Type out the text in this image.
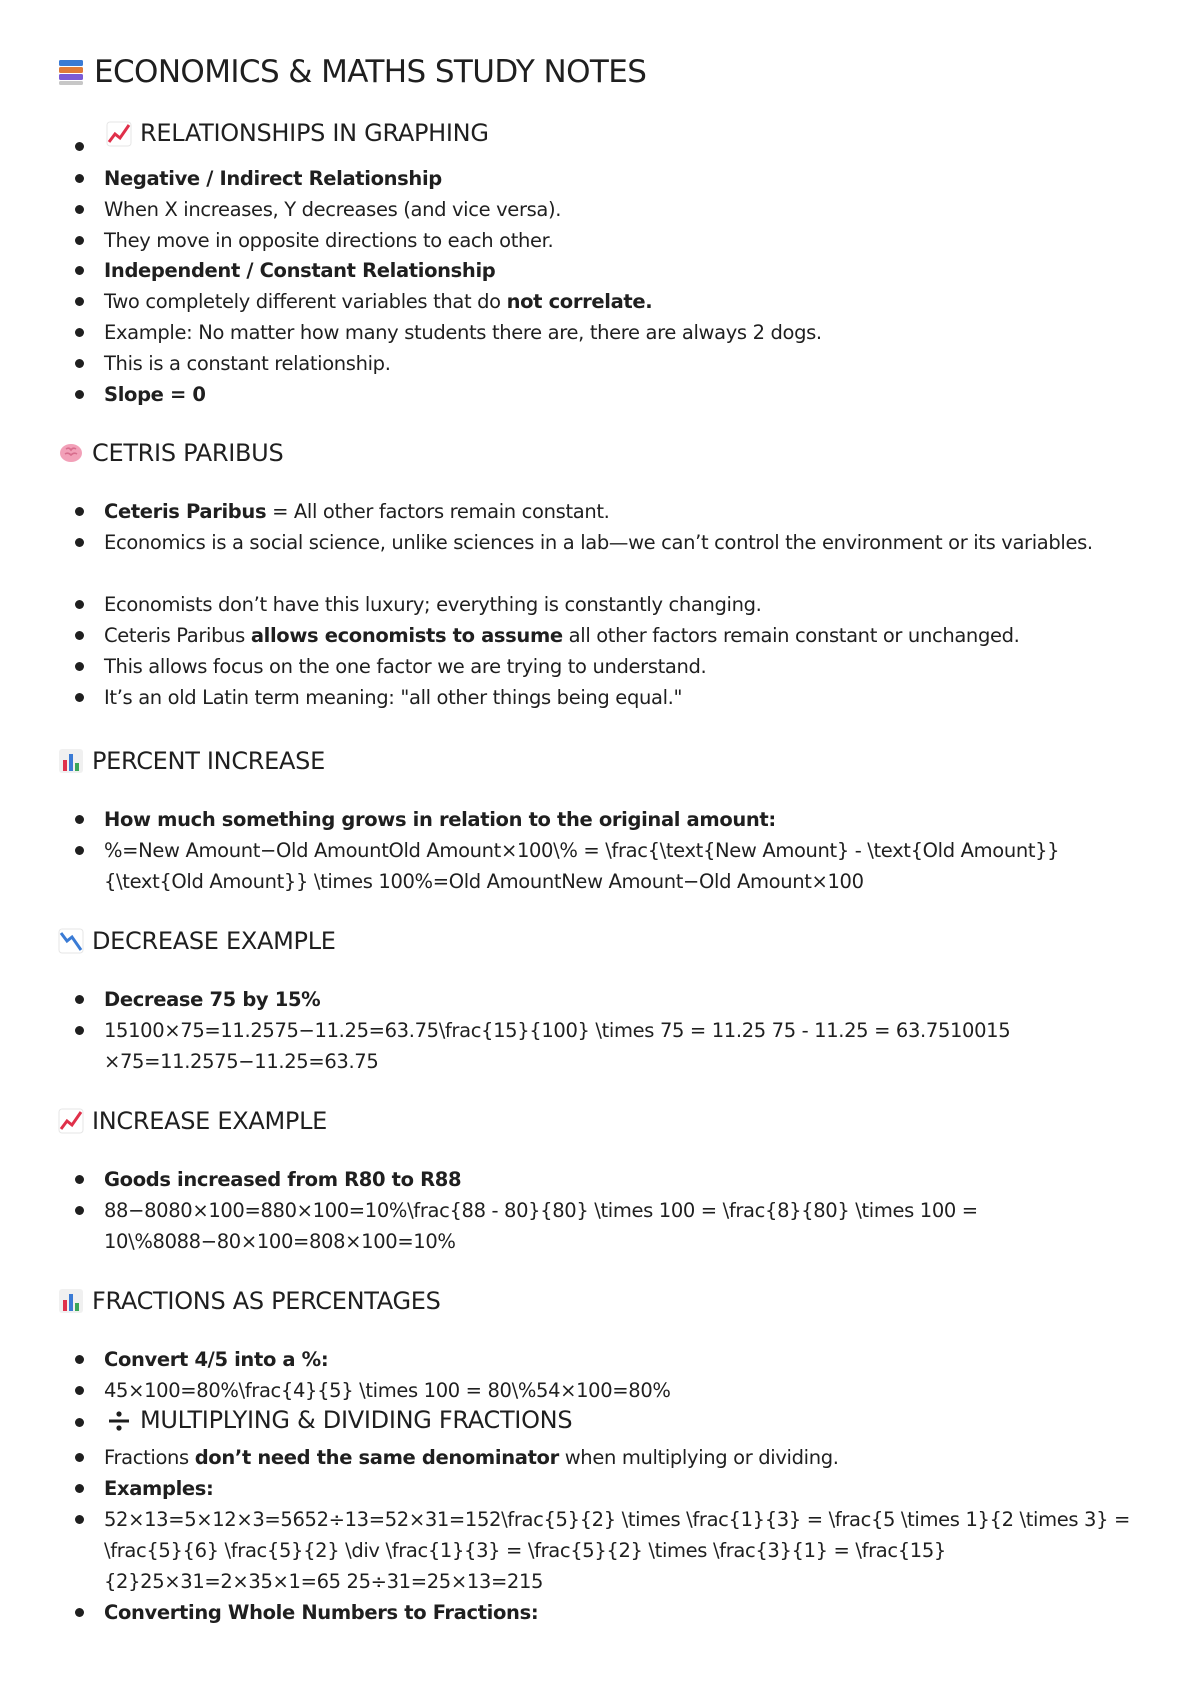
ECONOMICS & MATHS STUDY NOTES
RELATIONSHIPS IN GRAPHING
Negative / Indirect Relationship
When X increases, Y decreases (and vice versa).
They move in opposite directions to each other.
Independent / Constant Relationship
Two completely different variables that do not correlate.
Example: No matter how many students there are, there are always 2 dogs.
This is a constant relationship.
Slope = 0
CETRIS PARIBUS
Ceteris Paribus = All other factors remain constant.
Economics is a social science, unlike sciences in a lab—we can’t control the environment or its variables.
Economists don’t have this luxury; everything is constantly changing.
Ceteris Paribus allows economists to assume all other factors remain constant or unchanged.
This allows focus on the one factor we are trying to understand.
It’s an old Latin term meaning: "all other things being equal."
PERCENT INCREASE
How much something grows in relation to the original amount:
%=New Amount−Old AmountOld Amount×100\% = \frac{\text{New Amount} - \text{Old Amount}}{\text{Old Amount}} \times 100%=Old AmountNew Amount−Old Amount×100
DECREASE EXAMPLE
Decrease 75 by 15%
15100×75=11.2575−11.25=63.75\frac{15}{100} \times 75 = 11.25 75 - 11.25 = 63.7510015 ×75=11.2575−11.25=63.75
INCREASE EXAMPLE
Goods increased from R80 to R88
88−8080×100=880×100=10%\frac{88 - 80}{80} \times 100 = \frac{8}{80} \times 100 = 10\%8088−80×100=808×100=10%
FRACTIONS AS PERCENTAGES
Convert 4/5 into a %:
45×100=80%\frac{4}{5} \times 100 = 80\%54×100=80%
MULTIPLYING & DIVIDING FRACTIONS
Fractions don’t need the same denominator when multiplying or dividing.
Examples:
52×13=5×12×3=5652÷13=52×31=152\frac{5}{2} \times \frac{1}{3} = \frac{5 \times 1}{2 \times 3} = \frac{5}{6} \frac{5}{2} \div \frac{1}{3} = \frac{5}{2} \times \frac{3}{1} = \frac{15}{2}25×31=2×35×1=65 25÷31=25×13=215
Converting Whole Numbers to Fractions:
